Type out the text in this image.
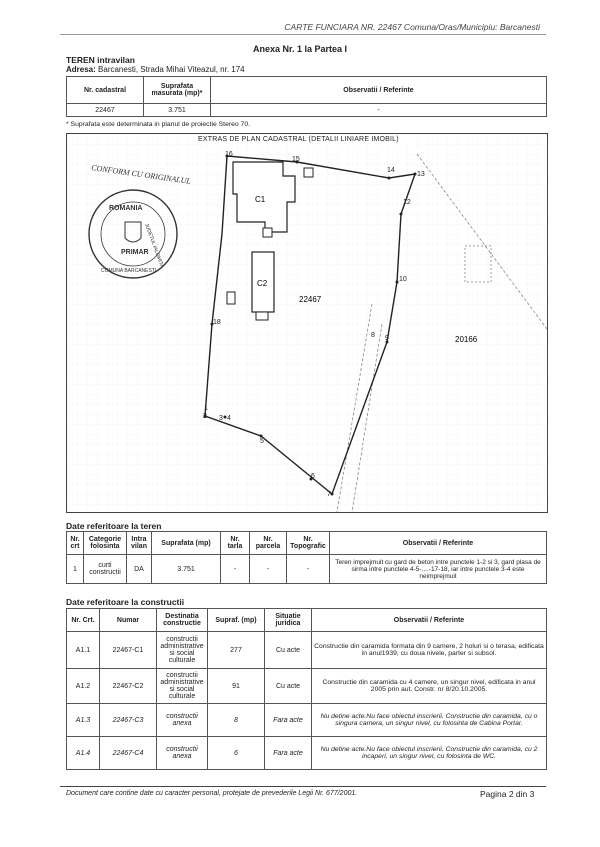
CARTE FUNCIARA NR. 22467 Comuna/Oras/Municipiu: Barcanesti
Anexa Nr. 1 la Partea I
TEREN intravilan
Adresa: Barcanesti, Strada Mihai Viteazul, nr. 174
Nr. cadastral	Suprafata masurata (mp)*	Observatii / Referinte
22467	3.751	-
* Suprafata este determinata in planul de proiectie Stereo 70.
C1
C2
22467
20166
1
2 3 4
5
6
7
8 9
10
12
13
14
15
16
18
CONFORM CU ORIGINALUL
ROMANIA
JUDETUL IALOMITA
PRIMAR
COMUNA BARCANESTI
EXTRAS DE PLAN CADASTRAL (DETALII LINIARE IMOBIL)
Date referitoare la teren
Nr. crt	Categorie folosinta	Intra vilan	Suprafata (mp)	Nr. tarla	Nr. parcela	Nr. Topografic	Observatii / Referinte
1	curti constructii	DA	3.751	-	-	-	Teren imprejmuit cu gard de beton intre punctele 1-2 si 3, gard plasa de sirma intre punctele 4-5-....-17-18, iar intre punctele 3-4 este neimprejmuit
Date referitoare la constructii
Nr. Crt.	Numar	Destinatia constructie	Supraf. (mp)	Situatie juridica	Observatii / Referinte
A1.1	22467-C1	constructii administrative si social culturale	277	Cu acte	Constructie din caramida formata din 9 camere, 2 holuri si o terasa, edificata in anul1939, cu doua nivele, parter si subsol.
A1.2	22467-C2	constructii administrative si social culturale	91	Cu acte	Constructie din caramida cu 4 camere, un singur nivel, edificata in anul 2005 prin aut. Constr. nr 8/20.10.2005.
A1.3	22467-C3	constructii anexa	8	Fara acte	Nu detine acte.Nu face obiectul inscrierii. Constructie din caramida, cu o singura camera, un singur nivel, cu folosinta de Cabina Portar.
A1.4	22467-C4	constructii anexa	6	Fara acte	Nu detine acte.Nu face obiectul inscrierii. Constructie din caramida, cu 2 incaperi, un singur nivel, cu folosinta de WC.
Document care contine date cu caracter personal, protejate de prevederile Legii Nr. 677/2001.	Pagina 2 din 3
